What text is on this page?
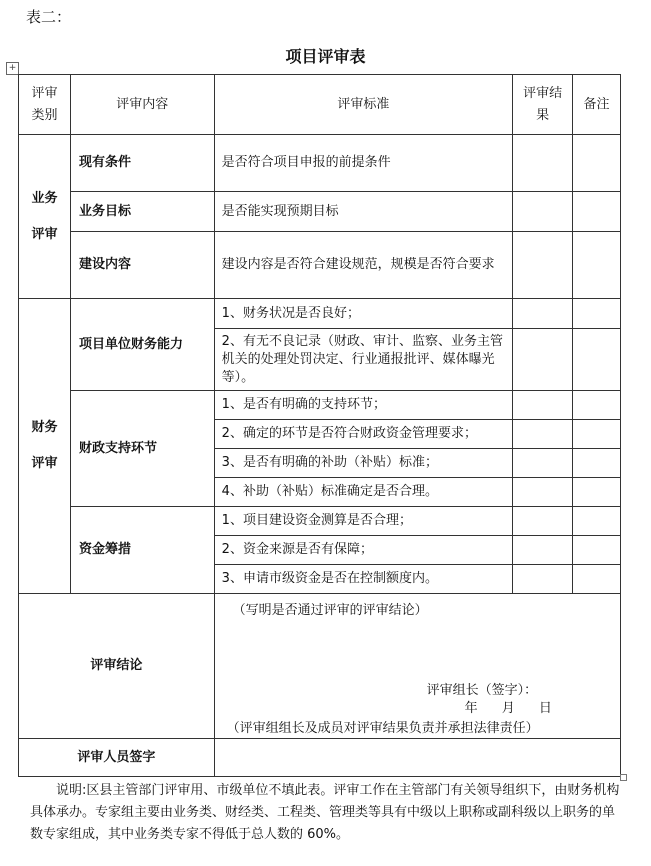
表二：
项目评审表
+
评审类别	评审内容	评审标准	评审结果	备注
业务评审	现有条件	是否符合项目申报的前提条件		
	业务目标	是否能实现预期目标		
	建设内容	建设内容是否符合建设规范，规模是否符合要求		
财务评审	项目单位财务能力	1、财务状况是否良好；		
		2、有无不良记录（财政、审计、监察、业务主管机关的处理处罚决定、行业通报批评、媒体曝光等）。		
	财政支持环节	1、是否有明确的支持环节；		
		2、确定的环节是否符合财政资金管理要求；		
		3、是否有明确的补助（补贴）标准；		
		4、补助（补贴）标准确定是否合理。		
	资金筹措	1、项目建设资金测算是否合理；		
		2、资金来源是否有保障；		
		3、申请市级资金是否在控制额度内。		
评审结论		（写明是否通过评审的评审结论）
评审组长（签字）：
年 月 日
（评审组组长及成员对评审结果负责并承担法律责任）		

评审人员签字				
说明:区县主管部门评审用、市级单位不填此表。评审工作在主管部门有关领导组织下，由财务机构具体承办。专家组主要由业务类、财经类、工程类、管理类等具有中级以上职称或副科级以上职务的单数专家组成，其中业务类专家不得低于总人数的 60%。
